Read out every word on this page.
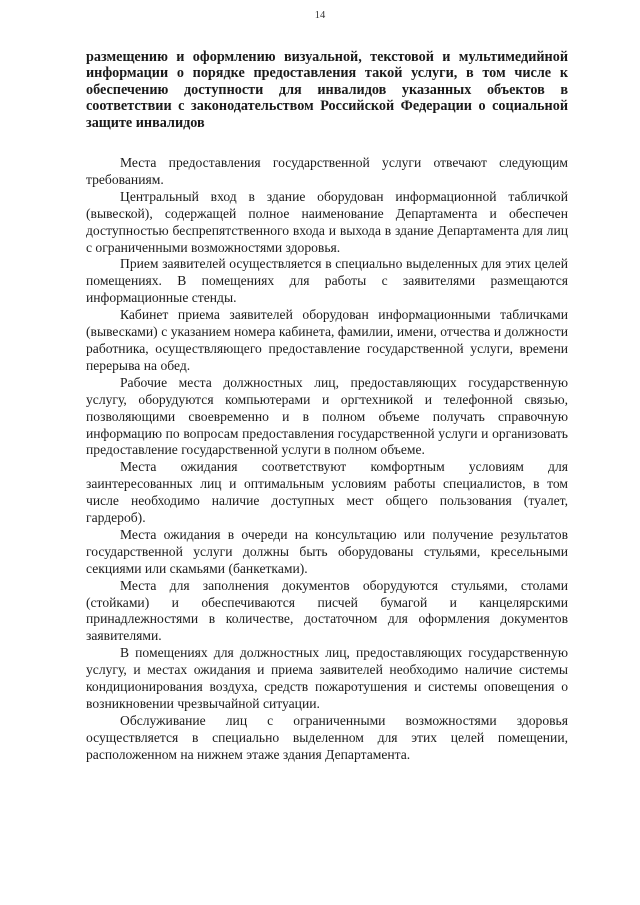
14

размещению и оформлению визуальной, текстовой и мультимедийной информации о порядке предоставления такой услуги, в том числе к обеспечению доступности для инвалидов указанных объектов в соответствии с законодательством Российской Федерации о социальной защите инвалидов

Места предоставления государственной услуги отвечают следующим требованиям.

Центральный вход в здание оборудован информационной табличкой (вывеской), содержащей полное наименование Департамента и обеспечен доступностью беспрепятственного входа и выхода в здание Департамента для лиц с ограниченными возможностями здоровья.

Прием заявителей осуществляется в специально выделенных для этих целей помещениях. В помещениях для работы с заявителями размещаются информационные стенды.

Кабинет приема заявителей оборудован информационными табличками (вывесками) с указанием номера кабинета, фамилии, имени, отчества и должности работника, осуществляющего предоставление государственной услуги, времени перерыва на обед.

Рабочие места должностных лиц, предоставляющих государственную услугу, оборудуются компьютерами и оргтехникой и телефонной связью, позволяющими своевременно и в полном объеме получать справочную информацию по вопросам предоставления государственной услуги и организовать предоставление государственной услуги в полном объеме.

Места ожидания соответствуют комфортным условиям для заинтересованных лиц и оптимальным условиям работы специалистов, в том числе необходимо наличие доступных мест общего пользования (туалет, гардероб).

Места ожидания в очереди на консультацию или получение результатов государственной услуги должны быть оборудованы стульями, кресельными секциями или скамьями (банкетками).

Места для заполнения документов оборудуются стульями, столами (стойками) и обеспечиваются писчей бумагой и канцелярскими принадлежностями в количестве, достаточном для оформления документов заявителями.

В помещениях для должностных лиц, предоставляющих государственную услугу, и местах ожидания и приема заявителей необходимо наличие системы кондиционирования воздуха, средств пожаротушения и системы оповещения о возникновении чрезвычайной ситуации.

Обслуживание лиц с ограниченными возможностями здоровья осуществляется в специально выделенном для этих целей помещении, расположенном на нижнем этаже здания Департамента.
